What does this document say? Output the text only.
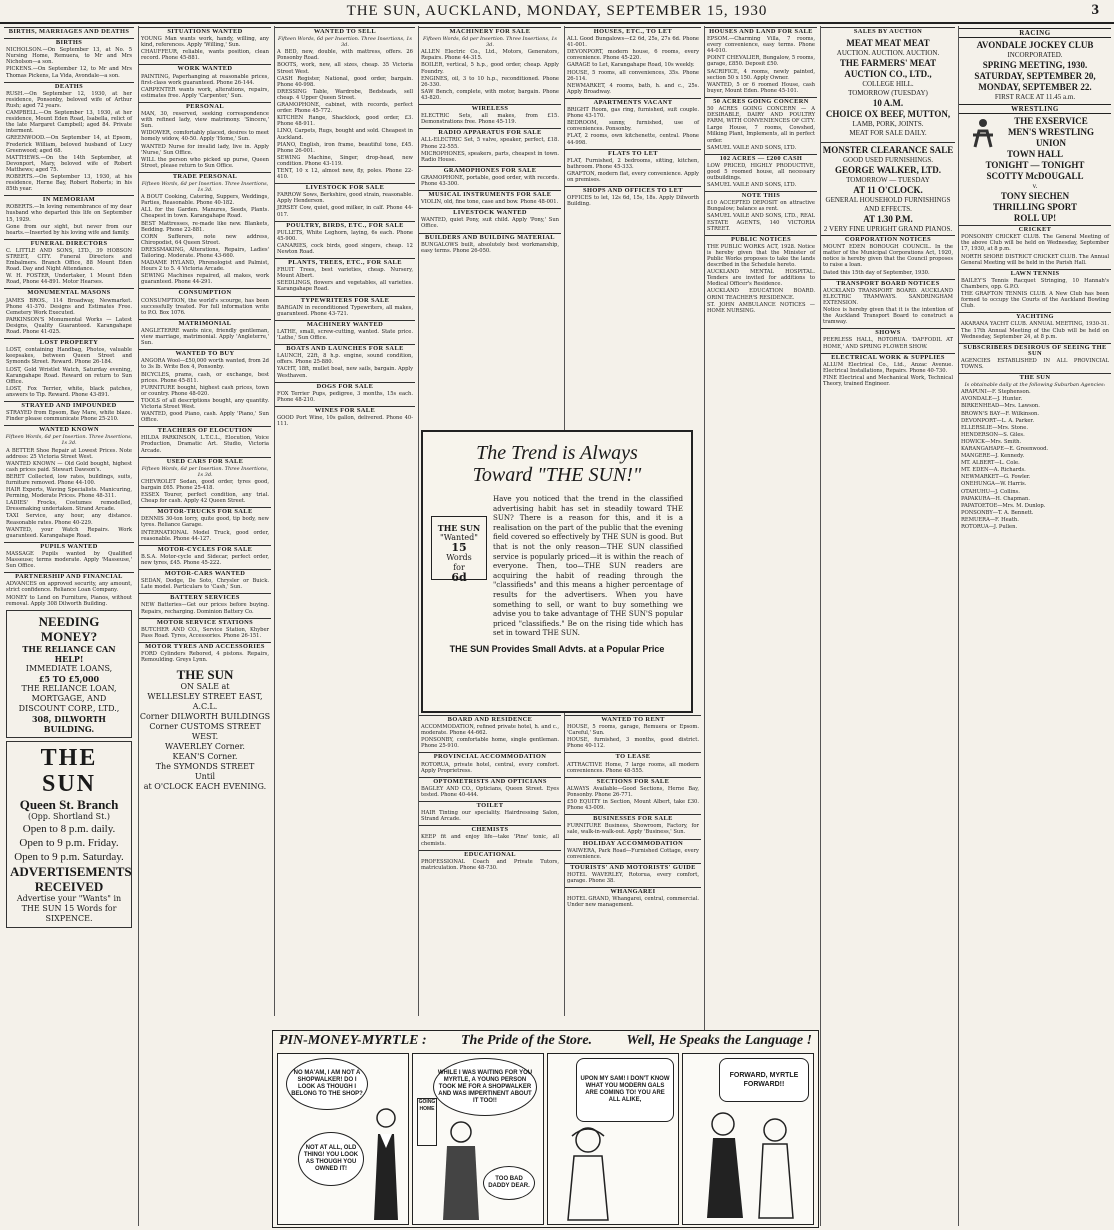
THE SUN, AUCKLAND, MONDAY, SEPTEMBER 15, 1930	3
BIRTHS, MARRIAGES AND DEATHS
BIRTHS
NICHOLSON.—On September 13, at No. 5 Nursing Home, Remuera, to Mr and Mrs Nicholson—a son.
PICKENS.—On September 12, to Mr and Mrs Thomas Pickens, La Vida, Avondale—a son.
DEATHS
RUSH.—On September 12, 1930, at her residence, Ponsonby, beloved wife of Arthur Rush; aged 72 years.
CAMPBELL.—On September 13, 1930, at her residence, Mount Eden Road, Isabella, relict of the late Margaret Campbell; aged 84. Private interment.
GREENWOOD.—On September 14, at Epsom, Frederick William, beloved husband of Lucy Greenwood; aged 68.
MATTHEWS.—On the 14th September, at Devonport, Mary, beloved wife of Robert Matthews; aged 75.
ROBERTS.—On September 13, 1930, at his residence, Herne Bay, Robert Roberts; in his 85th year.
IN MEMORIAM
ROBERTS.—In loving remembrance of my dear husband who departed this life on September 15, 1929.
Gone from our sight, but never from our hearts.—Inserted by his loving wife and family.
FUNERAL DIRECTORS
C. LITTLE AND SONS, LTD., 39 HOBSON STREET, CITY. Funeral Directors and Embalmers. Branch Office, 88 Mount Eden Road. Day and Night Attendance.
W. H. FOSTER, Undertaker, 1 Mount Eden Road, Phone 44-891. Motor Hearses.
MONUMENTAL MASONS
JAMES BROS., 114 Broadway, Newmarket. Phone 41-370. Designs and Estimates Free. Cemetery Work Executed.
PARKINSON'S Monumental Works — Latest Designs, Quality Guaranteed. Karangahape Road. Phone 41-025.
LOST PROPERTY
LOST, containing Handbag, Photos, valuable keepsakes, between Queen Street and Symonds Street. Reward. Phone 26-184.
LOST, Gold Wristlet Watch, Saturday evening, Karangahape Road. Reward on return to Sun Office.
LOST, Fox Terrier, white, black patches, answers to Tip. Reward. Phone 43-891.
STRAYED AND IMPOUNDED
STRAYED from Epsom, Bay Mare, white blaze. Finder please communicate Phone 25-210.
WANTED KNOWN
Fifteen Words, 6d per Insertion. Three Insertions, 1s 3d.
A BETTER Shoe Repair at Lowest Prices. Note address: 25 Victoria Street West.
WANTED KNOWN — Old Gold bought, highest cash prices paid. Stewart Dawson's.
BERET Collected, low rates, buildings, suits, furniture removed. Phone 44-100.
HAIR Experts, Waving Specialists. Manicuring, Perming, Moderate Prices. Phone 48-311.
LADIES' Frocks, Costumes remodelled, Dressmaking undertaken. Strand Arcade.
TAXI Service, any hour, any distance. Reasonable rates. Phone 40-229.
WANTED, your Watch Repairs. Work guaranteed. Karangahape Road.
PUPILS WANTED
MASSAGE Pupils wanted by Qualified Masseuse; terms moderate. Apply 'Masseuse,' Sun Office.
PARTNERSHIP AND FINANCIAL
ADVANCES on approved security, any amount, strict confidence. Reliance Loan Company.
MONEY to Lend on Furniture, Pianos, without removal. Apply 308 Dilworth Building.
NEEDING
MONEY?
THE RELIANCE CAN HELP!
IMMEDIATE LOANS,
£5 TO £5,000
THE RELIANCE LOAN, MORTGAGE, AND DISCOUNT CORP., LTD.,
308, DILWORTH BUILDING.
THE SUN
Queen St. Branch
(Opp. Shortland St.)
Open to 8 p.m. daily.
Open to 9 p.m. Friday.
Open to 9 p.m. Saturday.
ADVERTISEMENTS
RECEIVED
Advertise your "Wants" in THE SUN 15 Words for SIXPENCE.
SITUATIONS WANTED
YOUNG Man wants work, handy, willing, any kind, references. Apply 'Willing,' Sun.
CHAUFFEUR, reliable, wants position, clean record. Phone 45-881.
WORK WANTED
PAINTING, Paperhanging at reasonable prices, first-class work guaranteed. Phone 26-144.
CARPENTER wants work, alterations, repairs, estimates free. Apply 'Carpenter,' Sun.
PERSONAL
MAN, 30, reserved, seeking correspondence with refined lady, view matrimony. 'Sincere,' Sun.
WIDOWER, comfortably placed, desires to meet homely widow, 40-50. Apply 'Home,' Sun.
WANTED Nurse for invalid lady, live in. Apply 'Nurse,' Sun Office.
WILL the person who picked up purse, Queen Street, please return to Sun Office.
TRADE PERSONAL
Fifteen Words, 6d per Insertion. Three Insertions, 1s 3d.
A BOUT Cooking, Catering, Suppers, Weddings, Parties, Reasonable. Phone 40-182.
ALL for the Garden. Manures, Seeds, Plants. Cheapest in town. Karangahape Road.
BEST Mattresses, re-made like new. Blankets, Bedding. Phone 22-881.
CORN Sufferers, note new address, Chiropodist, 64 Queen Street.
DRESSMAKING, Alterations, Repairs, Ladies' Tailoring. Moderate. Phone 43-660.
MADAME HYLAND, Phrenologist and Palmist, Hours 2 to 5. 4 Victoria Arcade.
SEWING Machines repaired, all makes, work guaranteed. Phone 44-291.
CONSUMPTION
CONSUMPTION, the world's scourge, has been successfully treated. For full information write to P.O. Box 1076.
MATRIMONIAL
ANGLETERRE wants nice, friendly gentleman, view marriage, matrimonial. Apply 'Angleterre,' Sun.
WANTED TO BUY
ANGORA Wool—£50,000 worth wanted, from 2d to 3s lb. Write Box 4, Ponsonby.
BICYCLES, prams, cash, or exchange, best prices. Phone 45-811.
FURNITURE bought, highest cash prices, town or country. Phone 48-020.
TOOLS of all descriptions bought, any quantity. Victoria Street West.
WANTED, good Piano, cash. Apply 'Piano,' Sun Office.
TEACHERS OF ELOCUTION
HILDA PARKINSON, L.T.C.L., Elocution, Voice Production, Dramatic Art. Studio, Victoria Arcade.
USED CARS FOR SALE
Fifteen Words, 6d per Insertion. Three Insertions, 1s 3d.
CHEVROLET Sedan, good order, tyres good, bargain £65. Phone 25-418.
ESSEX Tourer, perfect condition, any trial. Cheap for cash. Apply 42 Queen Street.
MOTOR-TRUCKS FOR SALE
DENNIS 30-ton lorry, quite good, tip body, new tyres. Reliance Garage.
INTERNATIONAL Model Truck, good order, reasonable. Phone 44-127.
MOTOR-CYCLES FOR SALE
B.S.A. Motor-cycle and Sidecar, perfect order, new tyres, £45. Phone 45-222.
MOTOR-CARS WANTED
SEDAN, Dodge, De Soto, Chrysler or Buick. Late model. Particulars to 'Cash,' Sun.
BATTERY SERVICES
NEW Batteries—Get our prices before buying. Repairs, recharging. Dominion Battery Co.
MOTOR SERVICE STATIONS
BUTCHER AND CO., Service Station, Khyber Pass Road. Tyres, Accessories. Phone 26-151.
MOTOR TYRES AND ACCESSORIES
FORD Cylinders Rebored, 4 pistons. Repairs, Remoulding. Greys Lynn.
THE SUN
ON SALE at
WELLESLEY STREET EAST,
A.C.L.
Corner DILWORTH BUILDINGS
Corner CUSTOMS STREET WEST.
WAVERLEY Corner.
KEAN'S Corner.
The SYMONDS STREET
Until
at O'CLOCK EACH EVENING.
WANTED TO SELL
Fifteen Words, 6d per Insertion. Three Insertions, 1s 3d.
A BED, new, double, with mattress, offers. 26 Ponsonby Road.
BOOTS, work, new, all sizes, cheap. 35 Victoria Street West.
CASH Register, National, good order, bargain. Phone 40-998.
DRESSING Table, Wardrobe, Bedsteads, sell cheap. 4 Upper Queen Street.
GRAMOPHONE, cabinet, with records, perfect order. Phone 45-772.
KITCHEN Range, Shacklock, good order, £3. Phone 48-911.
LINO, Carpets, Rugs, bought and sold. Cheapest in Auckland.
PIANO, English, iron frame, beautiful tone, £45. Phone 26-001.
SEWING Machine, Singer, drop-head, new condition. Phone 43-119.
TENT, 10 x 12, almost new, fly, poles. Phone 22-410.
LIVESTOCK FOR SALE
FARROW Sows, Berkshire, good strain, reasonable. Apply Henderson.
JERSEY Cow, quiet, good milker, in calf. Phone 44-017.
POULTRY, BIRDS, ETC., FOR SALE
PULLETS, White Leghorn, laying, 6s each. Phone 45-900.
CANARIES, cock birds, good singers, cheap. 12 Newton Road.
PLANTS, TREES, ETC., FOR SALE
FRUIT Trees, best varieties, cheap. Nursery, Mount Albert.
SEEDLINGS, flowers and vegetables, all varieties. Karangahape Road.
TYPEWRITERS FOR SALE
BARGAIN in reconditioned Typewriters, all makes, guaranteed. Phone 43-721.
MACHINERY WANTED
LATHE, small, screw-cutting, wanted. State price. 'Lathe,' Sun Office.
BOATS AND LAUNCHES FOR SALE
LAUNCH, 22ft, 8 h.p. engine, sound condition, offers. Phone 25-880.
YACHT, 18ft, mullet boat, new sails, bargain. Apply Westhaven.
DOGS FOR SALE
FOX Terrier Pups, pedigree, 3 months, 15s each. Phone 48-210.
WINES FOR SALE
GOOD Port Wine, 10s gallon, delivered. Phone 40-111.
MACHINERY FOR SALE
Fifteen Words, 6d per Insertion. Three Insertions, 1s 3d.
ALLEN Electric Co., Ltd., Motors, Generators, Repairs. Phone 44-315.
BOILER, vertical, 5 h.p., good order, cheap. Apply Foundry.
ENGINES, oil, 3 to 10 h.p., reconditioned. Phone 26-330.
SAW Bench, complete, with motor, bargain. Phone 43-820.
WIRELESS
ELECTRIC Sets, all makes, from £15. Demonstrations free. Phone 45-119.
RADIO APPARATUS FOR SALE
ALL-ELECTRIC Set, 5 valve, speaker, perfect, £18. Phone 22-555.
MICROPHONES, speakers, parts, cheapest in town. Radio House.
GRAMOPHONES FOR SALE
GRAMOPHONE, portable, good order, with records. Phone 43-300.
MUSICAL INSTRUMENTS FOR SALE
VIOLIN, old, fine tone, case and bow. Phone 48-001.
LIVESTOCK WANTED
WANTED, quiet Pony, suit child. Apply 'Pony,' Sun Office.
BUILDERS AND BUILDING MATERIAL
BUNGALOWS built, absolutely best workmanship, easy terms. Phone 26-050.
BOARD AND RESIDENCE
ACCOMMODATION, refined private hotel, h. and c., moderate. Phone 44-662.
PONSONBY, comfortable home, single gentleman. Phone 25-910.
PROVINCIAL ACCOMMODATION
ROTORUA, private hotel, central, every comfort. Apply Proprietress.
OPTOMETRISTS AND OPTICIANS
BAGLEY AND CO., Opticians, Queen Street. Eyes tested. Phone 40-444.
TOILET
HAIR Tinting our speciality. Hairdressing Salon, Strand Arcade.
CHEMISTS
KEEP fit and enjoy life—take 'Pine' tonic, all chemists.
EDUCATIONAL
PROFESSIONAL Coach and Private Tutors, matriculation. Phone 48-730.
HOUSES, ETC., TO LET
ALL Good Bungalows—£2 6d, 25s, 27s 6d. Phone 41-001.
DEVONPORT, modern house, 6 rooms, every convenience. Phone 45-220.
GARAGE to Let, Karangahape Road, 10s weekly.
HOUSE, 5 rooms, all conveniences, 35s. Phone 26-114.
NEWMARKET, 4 rooms, bath, h. and c., 25s. Apply Broadway.
APARTMENTS VACANT
BRIGHT Room, gas ring, furnished, suit couple. Phone 43-170.
BEDROOM, sunny, furnished, use of conveniences. Ponsonby.
FLAT, 2 rooms, own kitchenette, central. Phone 44-998.
FLATS TO LET
FLAT, Furnished, 2 bedrooms, sitting, kitchen, bathroom. Phone 45-333.
GRAFTON, modern flat, every convenience. Apply on premises.
SHOPS AND OFFICES TO LET
OFFICES to let, 12s 6d, 15s, 18s. Apply Dilworth Building.
WANTED TO RENT
HOUSE, 5 rooms, garage, Remuera or Epsom. 'Careful,' Sun.
HOUSE, furnished, 3 months, good district. Phone 40-112.
TO LEASE
ATTRACTIVE Home, 7 large rooms, all modern conveniences. Phone 48-555.
SECTIONS FOR SALE
ALWAYS Available—Good Sections, Herne Bay, Ponsonby. Phone 26-771.
£50 EQUITY in Section, Mount Albert, take £30. Phone 43-009.
BUSINESSES FOR SALE
FURNITURE Business, Showroom, Factory, for sale, walk-in-walk-out. Apply 'Business,' Sun.
HOLIDAY ACCOMMODATION
WAIWERA, Park Road—Furnished Cottage, every convenience.
TOURISTS' AND MOTORISTS' GUIDE
HOTEL WAVERLEY, Rotorua, every comfort, garage. Phone 38.
WHANGAREI
HOTEL GRAND, Whangarei, central, commercial. Under new management.
HOUSES AND LAND FOR SALE
EPSOM.—Charming Villa, 7 rooms, every convenience, easy terms. Phone 44-010.
POINT CHEVALIER, Bungalow, 5 rooms, garage, £850. Deposit £50.
SACRIFICE, 4 rooms, newly painted, section 50 x 150. Apply Owner.
WANTED, 5 or 6 roomed House, cash buyer, Mount Eden. Phone 45-101.
50 ACRES GOING CONCERN
50 ACRES GOING CONCERN — A DESIRABLE, DAIRY AND POULTRY FARM, WITH CONVENIENCES OF CITY.
Large House, 7 rooms, Cowshed, Milking Plant, Implements, all in perfect order.
SAMUEL VAILE AND SONS, LTD.
102 ACRES — £200 CASH
LOW PRICED, HIGHLY PRODUCTIVE, good 5 roomed house, all necessary outbuildings.
SAMUEL VAILE AND SONS, LTD.
NOTE THIS
£10 ACCEPTED DEPOSIT on attractive Bungalow; balance as rent.
SAMUEL VAILE AND SONS, LTD., REAL ESTATE AGENTS, 140 VICTORIA STREET.
PUBLIC NOTICES
THE PUBLIC WORKS ACT, 1928. Notice is hereby given that the Minister of Public Works proposes to take the lands described in the Schedule hereto.
AUCKLAND MENTAL HOSPITAL. Tenders are invited for additions to Medical Officer's Residence.
AUCKLAND EDUCATION BOARD. ORINI TEACHER'S RESIDENCE.
ST. JOHN AMBULANCE NOTICES — HOME NURSING.
SALES BY AUCTION
MEAT MEAT MEAT
AUCTION. AUCTION. AUCTION.
THE FARMERS' MEAT AUCTION CO., LTD.,
COLLEGE HILL.
TOMORROW (TUESDAY)
10 A.M.
CHOICE OX BEEF, MUTTON,
LAMB, PORK, JOINTS.
MEAT FOR SALE DAILY.
MONSTER CLEARANCE SALE
GOOD USED FURNISHINGS.
GEORGE WALKER, LTD.
TOMORROW — TUESDAY
AT 11 O'CLOCK.
GENERAL HOUSEHOLD FURNISHINGS AND EFFECTS.
AT 1.30 P.M.
2 VERY FINE UPRIGHT GRAND PIANOS.
CORPORATION NOTICES
MOUNT EDEN BOROUGH COUNCIL. In the matter of the Municipal Corporations Act, 1920, notice is hereby given that the Council proposes to raise a loan.
Dated this 15th day of September, 1930.
TRANSPORT BOARD NOTICES
AUCKLAND TRANSPORT BOARD. AUCKLAND ELECTRIC TRAMWAYS. SANDRINGHAM EXTENSION.
Notice is hereby given that it is the intention of the Auckland Transport Board to construct a tramway.
SHOWS
PEERLESS HALL, ROTORUA. 'DAFFODIL AT HOME,' AND SPRING FLOWER SHOW.
ELECTRICAL WORK & SUPPLIES
ALLUM Electrical Co., Ltd., Anzac Avenue. Electrical Installations, Repairs. Phone 40-730.
FINE Electrical and Mechanical Work, Technical Theory, trained Engineer.
RACING
AVONDALE JOCKEY CLUB
INCORPORATED.
SPRING MEETING, 1930.
SATURDAY, SEPTEMBER 20,
MONDAY, SEPTEMBER 22.
FIRST RACE AT 11.45 a.m.
WRESTLING
THE EXSERVICE MEN'S WRESTLING UNION
TOWN HALL
TONIGHT — TONIGHT
SCOTTY McDOUGALL
v.
TONY SIECHEN
THRILLING SPORT
ROLL UP!
CRICKET
PONSONBY CRICKET CLUB. The General Meeting of the above Club will be held on Wednesday, September 17, 1930, at 8 p.m.
NORTH SHORE DISTRICT CRICKET CLUB. The Annual General Meeting will be held in the Parish Hall.
LAWN TENNIS
BAILEY'S Tennis Racquet Stringing, 10 Hannah's Chambers, opp. G.P.O.
THE GRAFTON TENNIS CLUB. A New Club has been formed to occupy the Courts of the Auckland Bowling Club.
YACHTING
AKARANA YACHT CLUB. ANNUAL MEETING, 1930-31. The 17th Annual Meeting of the Club will be held on Wednesday, September 24, at 8 p.m.
SUBSCRIBERS DESIROUS OF SEEING THE SUN
AGENCIES ESTABLISHED IN ALL PROVINCIAL TOWNS.
THE SUN
Is obtainable daily at the following Suburban Agencies:
ARAPUNI—F. Stephenson.
AVONDALE—J. Hunter.
BIRKENHEAD—Mrs. Lawson.
BROWN'S BAY—F. Wilkinson.
DEVONPORT—L. A. Parker.
ELLERSLIE—Mrs. Stone.
HENDERSON—S. Giles.
HOWICK—Mrs. Smith.
KARANGAHAPE—E. Greenwood.
MANGERE—J. Kennedy.
MT. ALBERT—L. Cole.
MT. EDEN—A. Richards.
NEWMARKET—G. Fowler.
ONEHUNGA—W. Harris.
OTAHUHU—J. Collins.
PAPAKURA—H. Chapman.
PAPATOETOE—Mrs. M. Dunlop.
PONSONBY—T. A. Bennett.
REMUERA—F. Heath.
ROTORUA—J. Pullen.
The Trend is Always
Toward "THE SUN!"
THE SUN
"Wanted"
15
Words
for
6d
Have you noticed that the trend in the classified advertising habit has set in steadily toward THE SUN? There is a reason for this, and it is a realisation on the part of the public that the evening field covered so effectively by THE SUN is good. But that is not the only reason—THE SUN classified service is popularly priced—it is within the reach of everyone. Then, too—THE SUN readers are acquiring the habit of reading through the "classifieds" and this means a higher percentage of results for the advertisers. When you have something to sell, or want to buy something we advise you to take advantage of THE SUN'S popular priced "classifieds." Be on the rising tide which has set in toward THE SUN.
THE SUN Provides Small Advts. at a Popular Price
PIN-MONEY-MYRTLE : The Pride of the Store. Well, He Speaks the Language !
NO MA'AM, I AM NOT A SHOPWALKER! DO I LOOK AS THOUGH I BELONG TO THE SHOP?
NOT AT ALL, OLD THING! YOU LOOK AS THOUGH YOU OWNED IT!
WHILE I WAS WAITING FOR YOU MYRTLE, A YOUNG PERSON TOOK ME FOR A SHOPWALKER AND WAS IMPERTINENT ABOUT IT TOO!!
GOING HOME
TOO BAD DADDY DEAR.
UPON MY SAM! I DON'T KNOW WHAT YOU MODERN GALS ARE COMING TO! YOU ARE ALL ALIKE,
FORWARD, MYRTLE FORWARD!!
